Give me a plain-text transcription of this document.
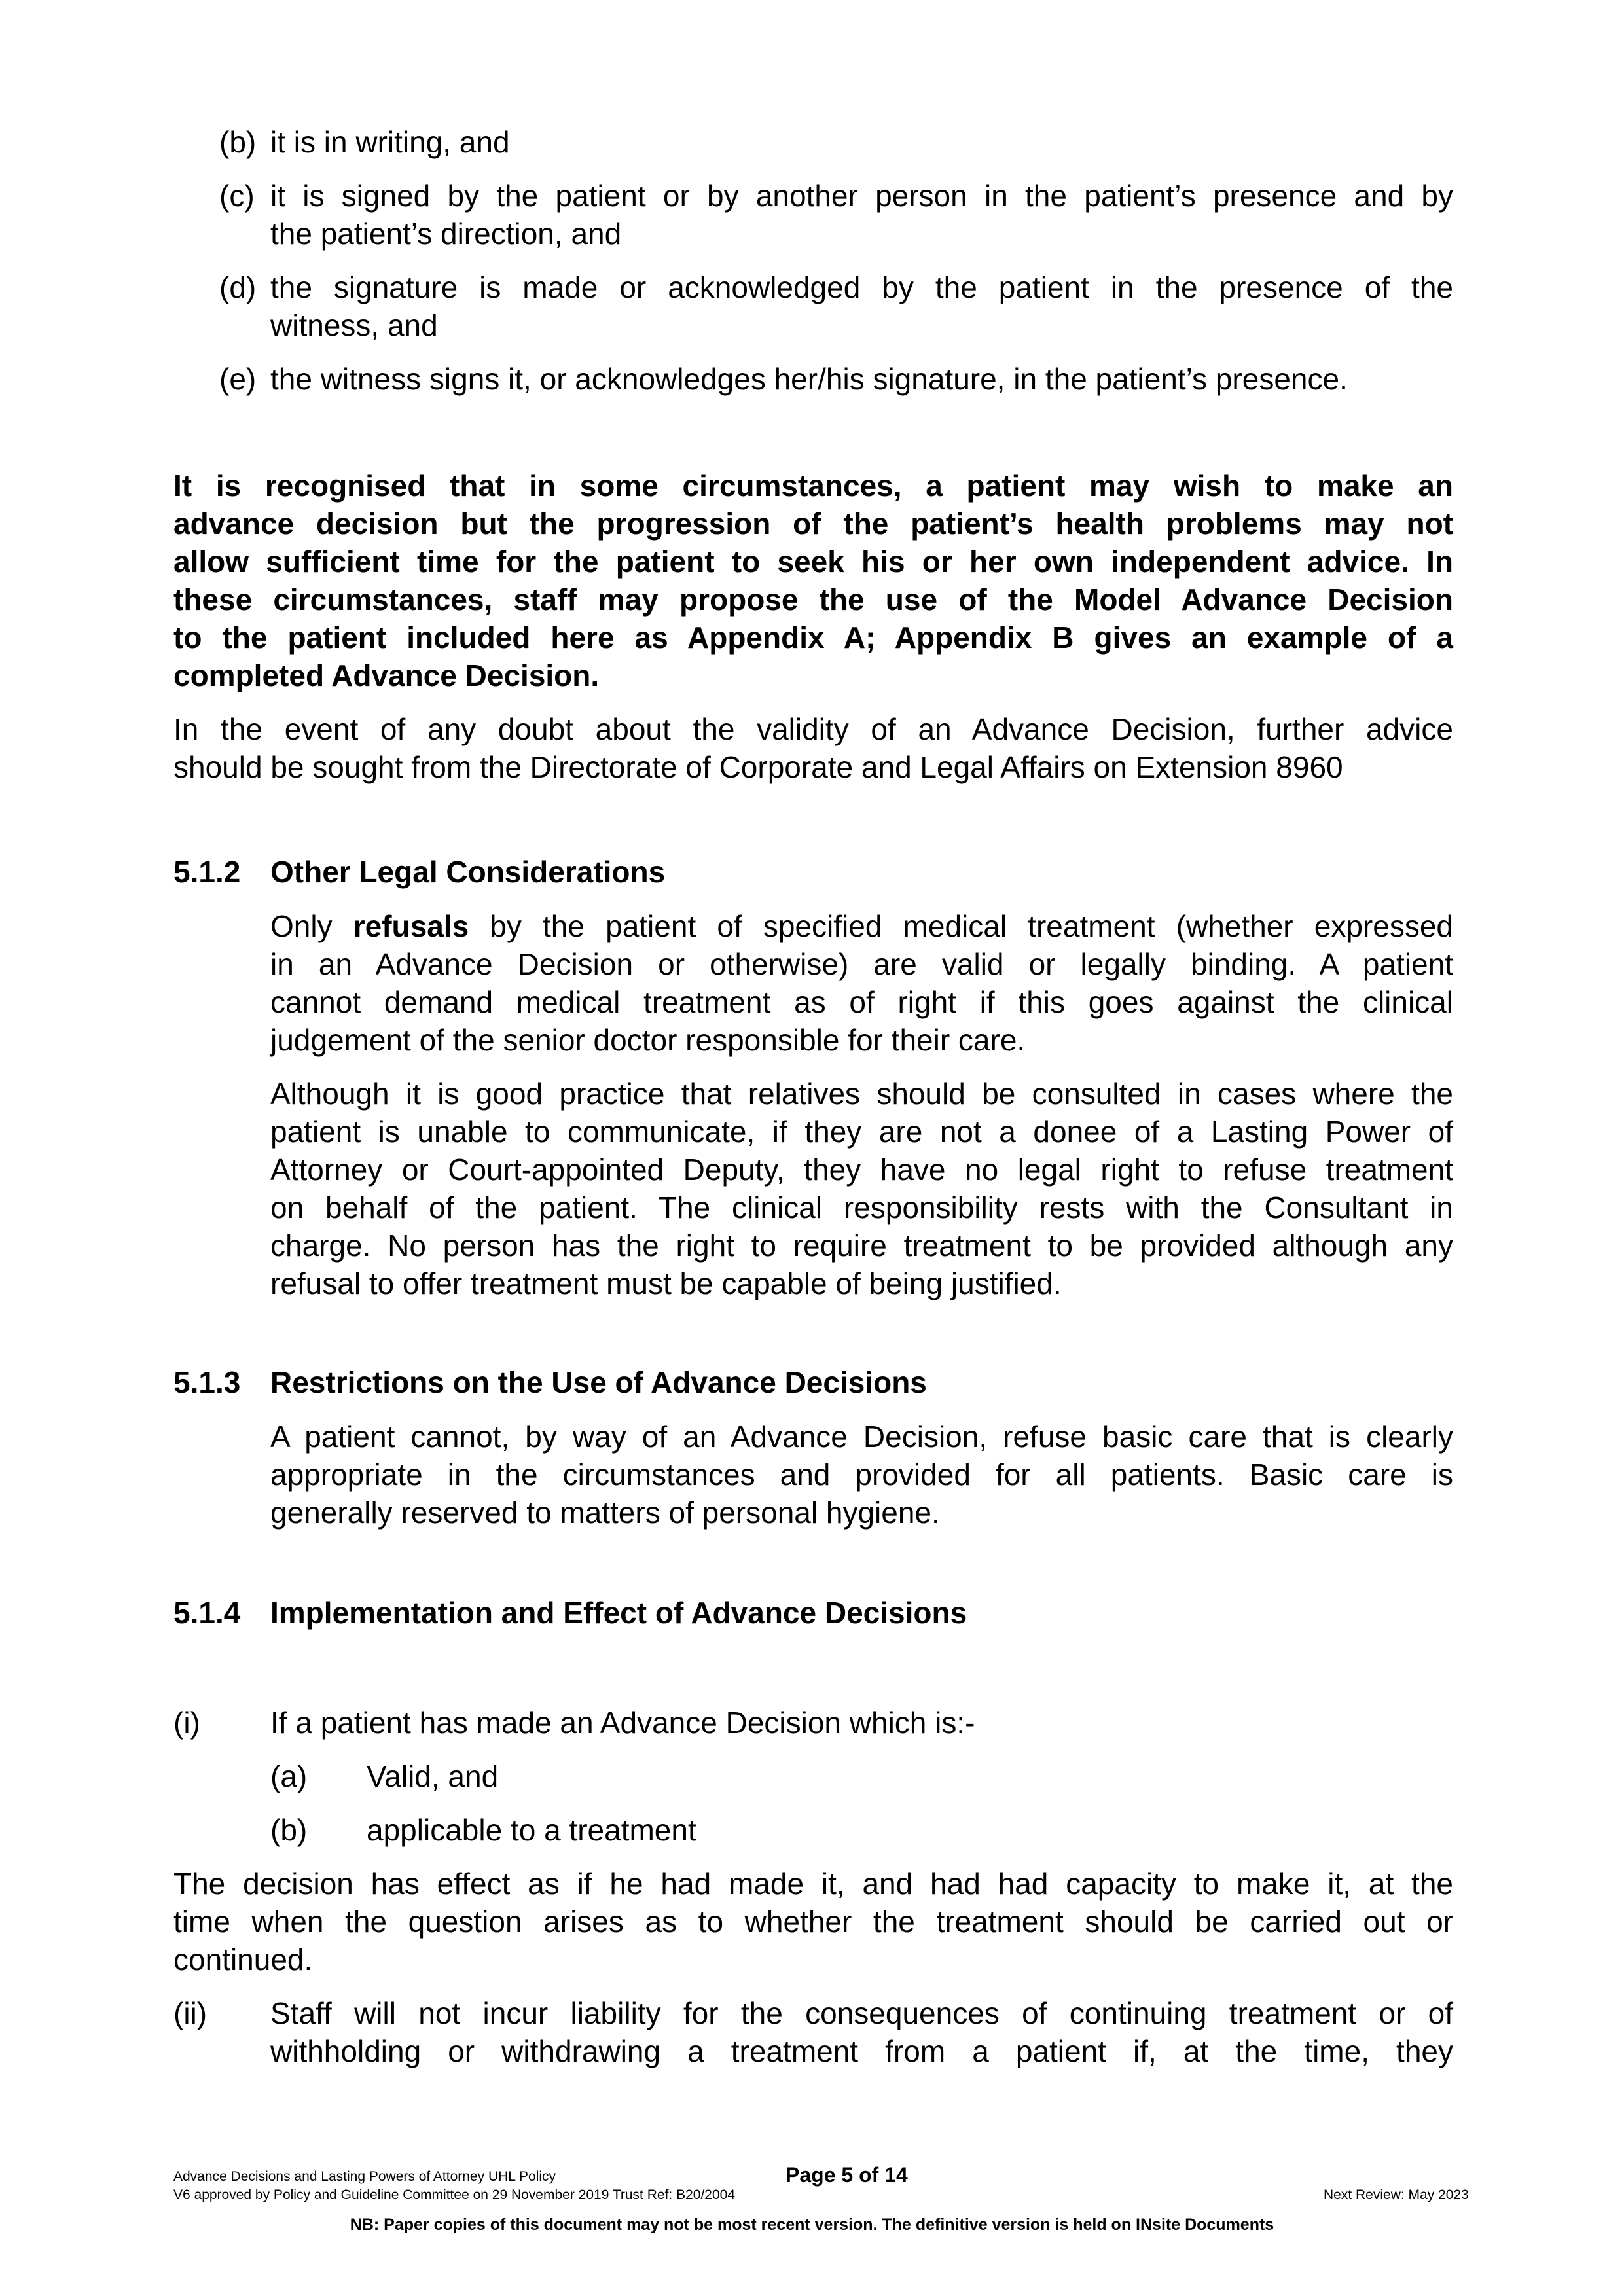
(b) it is in writing, and
(c) it is signed by the patient or by another person in the patient’s presence and by
the patient’s direction, and
(d) the signature is made or acknowledged by the patient in the presence of the
witness, and
(e) the witness signs it, or acknowledges her/his signature, in the patient’s presence.
It is recognised that in some circumstances, a patient may wish to make an
advance decision but the progression of the patient’s health problems may not
allow sufficient time for the patient to seek his or her own independent advice. In
these circumstances, staff may propose the use of the Model Advance Decision
to the patient included here as Appendix A; Appendix B gives an example of a
completed Advance Decision.
In the event of any doubt about the validity of an Advance Decision, further advice
should be sought from the Directorate of Corporate and Legal Affairs on Extension 8960
5.1.2 Other Legal Considerations
Only refusals by the patient of specified medical treatment (whether expressed
in an Advance Decision or otherwise) are valid or legally binding. A patient
cannot demand medical treatment as of right if this goes against the clinical
judgement of the senior doctor responsible for their care.
Although it is good practice that relatives should be consulted in cases where the
patient is unable to communicate, if they are not a donee of a Lasting Power of
Attorney or Court-appointed Deputy, they have no legal right to refuse treatment
on behalf of the patient. The clinical responsibility rests with the Consultant in
charge. No person has the right to require treatment to be provided although any
refusal to offer treatment must be capable of being justified.
5.1.3 Restrictions on the Use of Advance Decisions
A patient cannot, by way of an Advance Decision, refuse basic care that is clearly
appropriate in the circumstances and provided for all patients. Basic care is
generally reserved to matters of personal hygiene.
5.1.4 Implementation and Effect of Advance Decisions
(i) If a patient has made an Advance Decision which is:-
(a) Valid, and
(b) applicable to a treatment
The decision has effect as if he had made it, and had had capacity to make it, at the
time when the question arises as to whether the treatment should be carried out or
continued.
(ii) Staff will not incur liability for the consequences of continuing treatment or of
withholding or withdrawing a treatment from a patient if, at the time, they
Advance Decisions and Lasting Powers of Attorney UHL Policy	Page 5 of 14
V6 approved by Policy and Guideline Committee on 29 November 2019 Trust Ref: B20/2004	Next Review: May 2023
NB: Paper copies of this document may not be most recent version. The definitive version is held on INsite Documents
